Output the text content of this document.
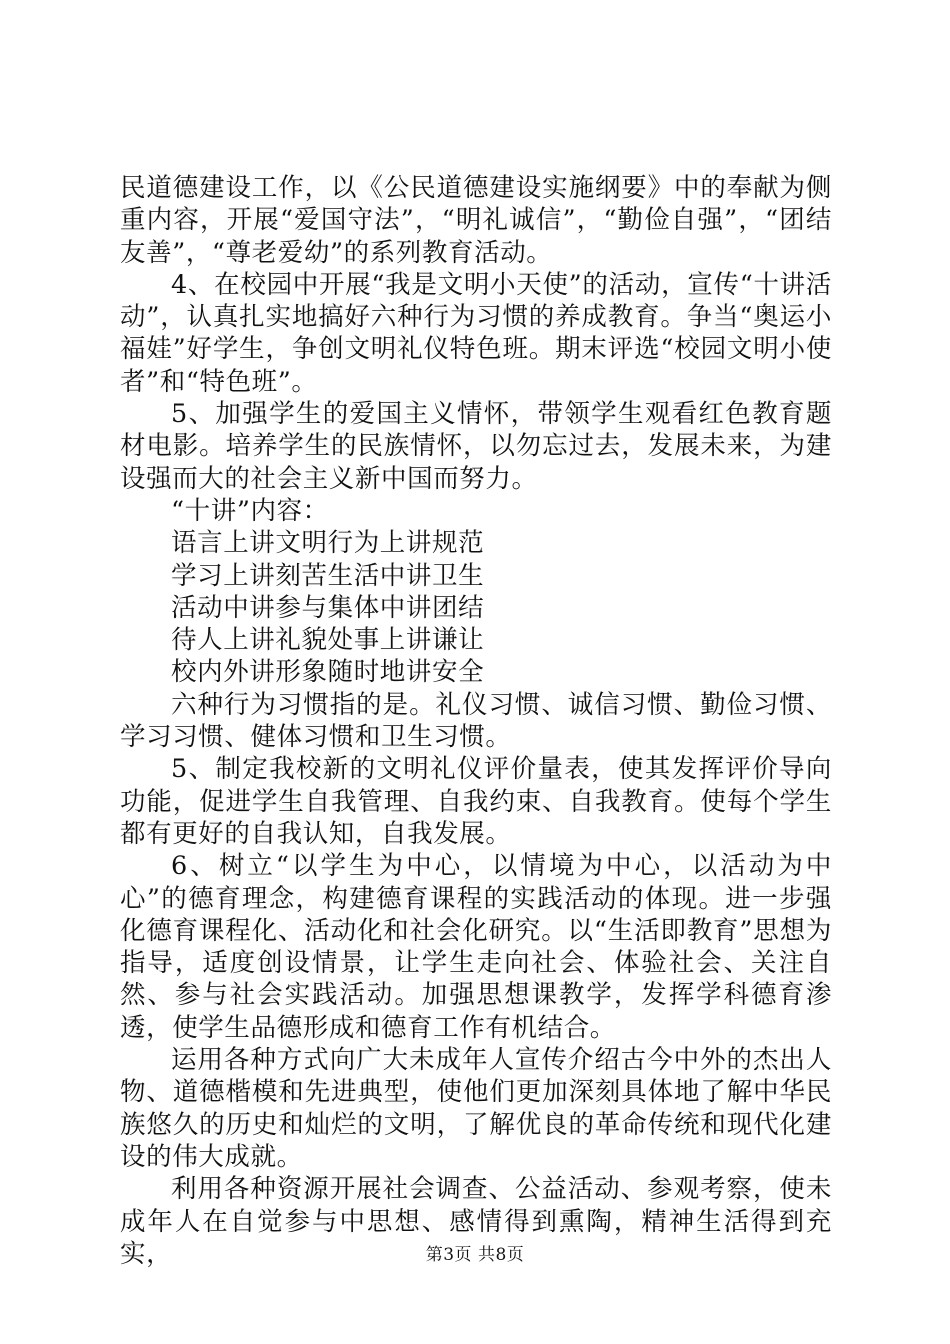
民道德建设工作，以《公民道德建设实施纲要》中的奉献为侧重内容，开展“爱国守法”，“明礼诚信”，“勤俭自强”，“团结友善”，“尊老爱幼”的系列教育活动。

4、在校园中开展“我是文明小天使”的活动，宣传“十讲活动”，认真扎实地搞好六种行为习惯的养成教育。争当“奥运小福娃”好学生，争创文明礼仪特色班。期末评选“校园文明小使者”和“特色班”。

5、加强学生的爱国主义情怀，带领学生观看红色教育题材电影。培养学生的民族情怀，以勿忘过去，发展未来，为建设强而大的社会主义新中国而努力。

“十讲”内容：

语言上讲文明行为上讲规范

学习上讲刻苦生活中讲卫生

活动中讲参与集体中讲团结

待人上讲礼貌处事上讲谦让

校内外讲形象随时地讲安全

六种行为习惯指的是。礼仪习惯、诚信习惯、勤俭习惯、学习习惯、健体习惯和卫生习惯。

5、制定我校新的文明礼仪评价量表，使其发挥评价导向功能，促进学生自我管理、自我约束、自我教育。使每个学生都有更好的自我认知，自我发展。

6、树立“以学生为中心，以情境为中心，以活动为中心”的德育理念，构建德育课程的实践活动的体现。进一步强化德育课程化、活动化和社会化研究。以“生活即教育”思想为指导，适度创设情景，让学生走向社会、体验社会、关注自然、参与社会实践活动。加强思想课教学，发挥学科德育渗透，使学生品德形成和德育工作有机结合。

运用各种方式向广大未成年人宣传介绍古今中外的杰出人物、道德楷模和先进典型，使他们更加深刻具体地了解中华民族悠久的历史和灿烂的文明，了解优良的革命传统和现代化建设的伟大成就。

利用各种资源开展社会调查、公益活动、参观考察，使未成年人在自觉参与中思想、感情得到熏陶，精神生活得到充实，	第3页 共8页
